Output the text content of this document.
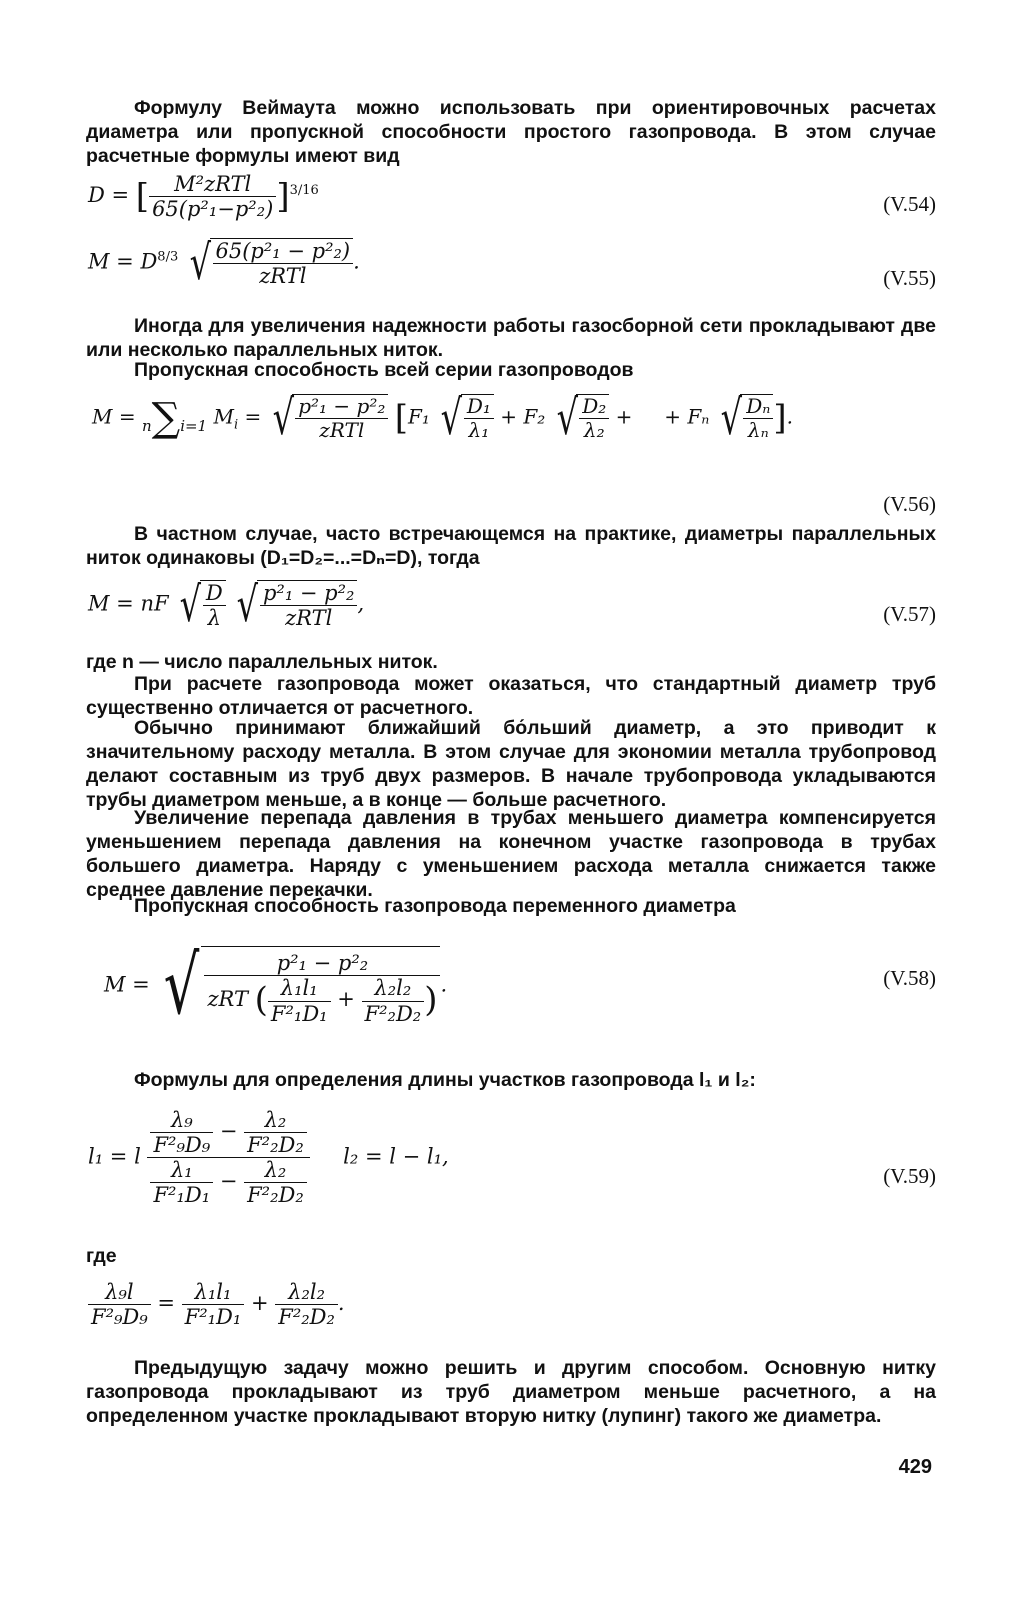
Формулу Веймаута можно использовать при ориентировочных расчетах диаметра или пропускной способности простого газопровода. В этом случае расчетные формулы имеют вид
D = [ $\frac{\text{M²zRTl}}{\text{65(p²₁−p²₂)}} ]^{3/16}$
(V.54)
$M = D^{8/3}$ √ $\frac{\text{65(p²₁ − p²₂)}}{\text{zRTl}}$ .
(V.55)
Иногда для увеличения надежности работы газосборной сети прокладывают две или несколько параллельных ниток.
Пропускная способность всей серии газопроводов
M = n∑i=1 $M_i$ = √ $\frac{\text{p²₁ − p²₂}}{\text{zRTl}} [F_1$ √ $\frac{\text{D₁}}{\text{λ₁}} + F_2$ √ $\frac{\text{D₂}}{\text{λ₂}}$ +     + Fₙ √ $\frac{\text{Dₙ}}{\text{λₙ}}$ ].
(V.56)
В частном случае, часто встречающемся на практике, диаметры параллельных ниток одинаковы (D₁=D₂=...=Dₙ=D), тогда
M = nF √ $\frac{D}{\lambda}$ √ $\frac{\text{p²₁ − p²₂}}{\text{zRTl}}$ ,	(V.57)
где n — число параллельных ниток.
При расчете газопровода может оказаться, что стандартный диаметр труб существенно отличается от расчетного.
Обычно принимают ближайший бо́льший диаметр, а это приводит к значительному расходу металла. В этом случае для экономии металла трубопровод делают составным из труб двух размеров. В начале трубопровода укладываются трубы диаметром меньше, а в конце — больше расчетного.
Увеличение перепада давления в трубах меньшего диаметра компенсируется уменьшением перепада давления на конечном участке газопровода в трубах большего диаметра. Наряду с уменьшением расхода металла снижается также среднее давление перекачки.
Пропускная способность газопровода переменного диаметра
M = √ $\frac{\text{p²₁ − p²₂}}{zRT ( \frac{\text{λ₁l₁}}{\text{F²₁D₁}} + \frac{\text{λ₂l₂}}{\text{F²₂D₂}} )}$ .	(V.58)
Формулы для определения длины участков газопровода l₁ и l₂:
l₁ = l $\frac{\frac{\text{λ₉}}{\text{F²₉D₉}} - \frac{\text{λ₂}}{\text{F²₂D₂}}}{\frac{\text{λ₁}}{\text{F²₁D₁}} - \frac{\text{λ₂}}{\text{F²₂D₂}}} l_2 = l - l_1$,
(V.59)
где
$\frac{\text{λ₉l}}{\text{F²₉D₉}} = \frac{\text{λ₁l₁}}{\text{F²₁D₁}} + \frac{\text{λ₂l₂}}{\text{F²₂D₂}}$ .
Предыдущую задачу можно решить и другим способом. Основную нитку газопровода прокладывают из труб диаметром меньше расчетного, а на определенном участке прокладывают вторую нитку (лупинг) такого же диаметра.
429
